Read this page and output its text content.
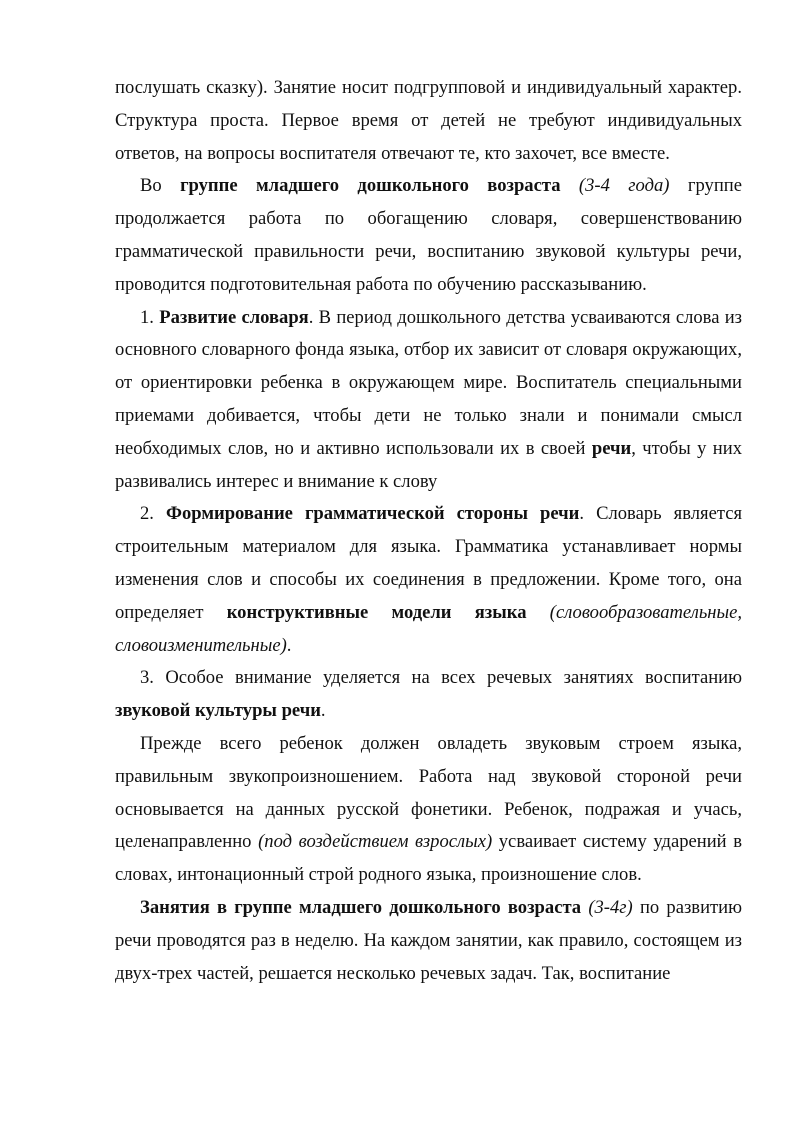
послушать сказку). Занятие носит подгрупповой и индивидуальный характер. Структура проста. Первое время от детей не требуют индивидуальных ответов, на вопросы воспитателя отвечают те, кто захочет, все вместе.

Во группе младшего дошкольного возраста (3-4 года) группе продолжается работа по обогащению словаря, совершенствованию грамматической правильности речи, воспитанию звуковой культуры речи, проводится подготовительная работа по обучению рассказыванию.

1. Развитие словаря. В период дошкольного детства усваиваются слова из основного словарного фонда языка, отбор их зависит от словаря окружающих, от ориентировки ребенка в окружающем мире. Воспитатель специальными приемами добивается, чтобы дети не только знали и понимали смысл необходимых слов, но и активно использовали их в своей речи, чтобы у них развивались интерес и внимание к слову

2. Формирование грамматической стороны речи. Словарь является строительным материалом для языка. Грамматика устанавливает нормы изменения слов и способы их соединения в предложении. Кроме того, она определяет конструктивные модели языка (словообразовательные, словоизменительные).

3. Особое внимание уделяется на всех речевых занятиях воспитанию звуковой культуры речи.

Прежде всего ребенок должен овладеть звуковым строем языка, правильным звукопроизношением. Работа над звуковой стороной речи основывается на данных русской фонетики. Ребенок, подражая и учась, целенаправленно (под воздействием взрослых) усваивает систему ударений в словах, интонационный строй родного языка, произношение слов.

Занятия в группе младшего дошкольного возраста (3-4г) по развитию речи проводятся раз в неделю. На каждом занятии, как правило, состоящем из двух-трех частей, решается несколько речевых задач. Так, воспитание
